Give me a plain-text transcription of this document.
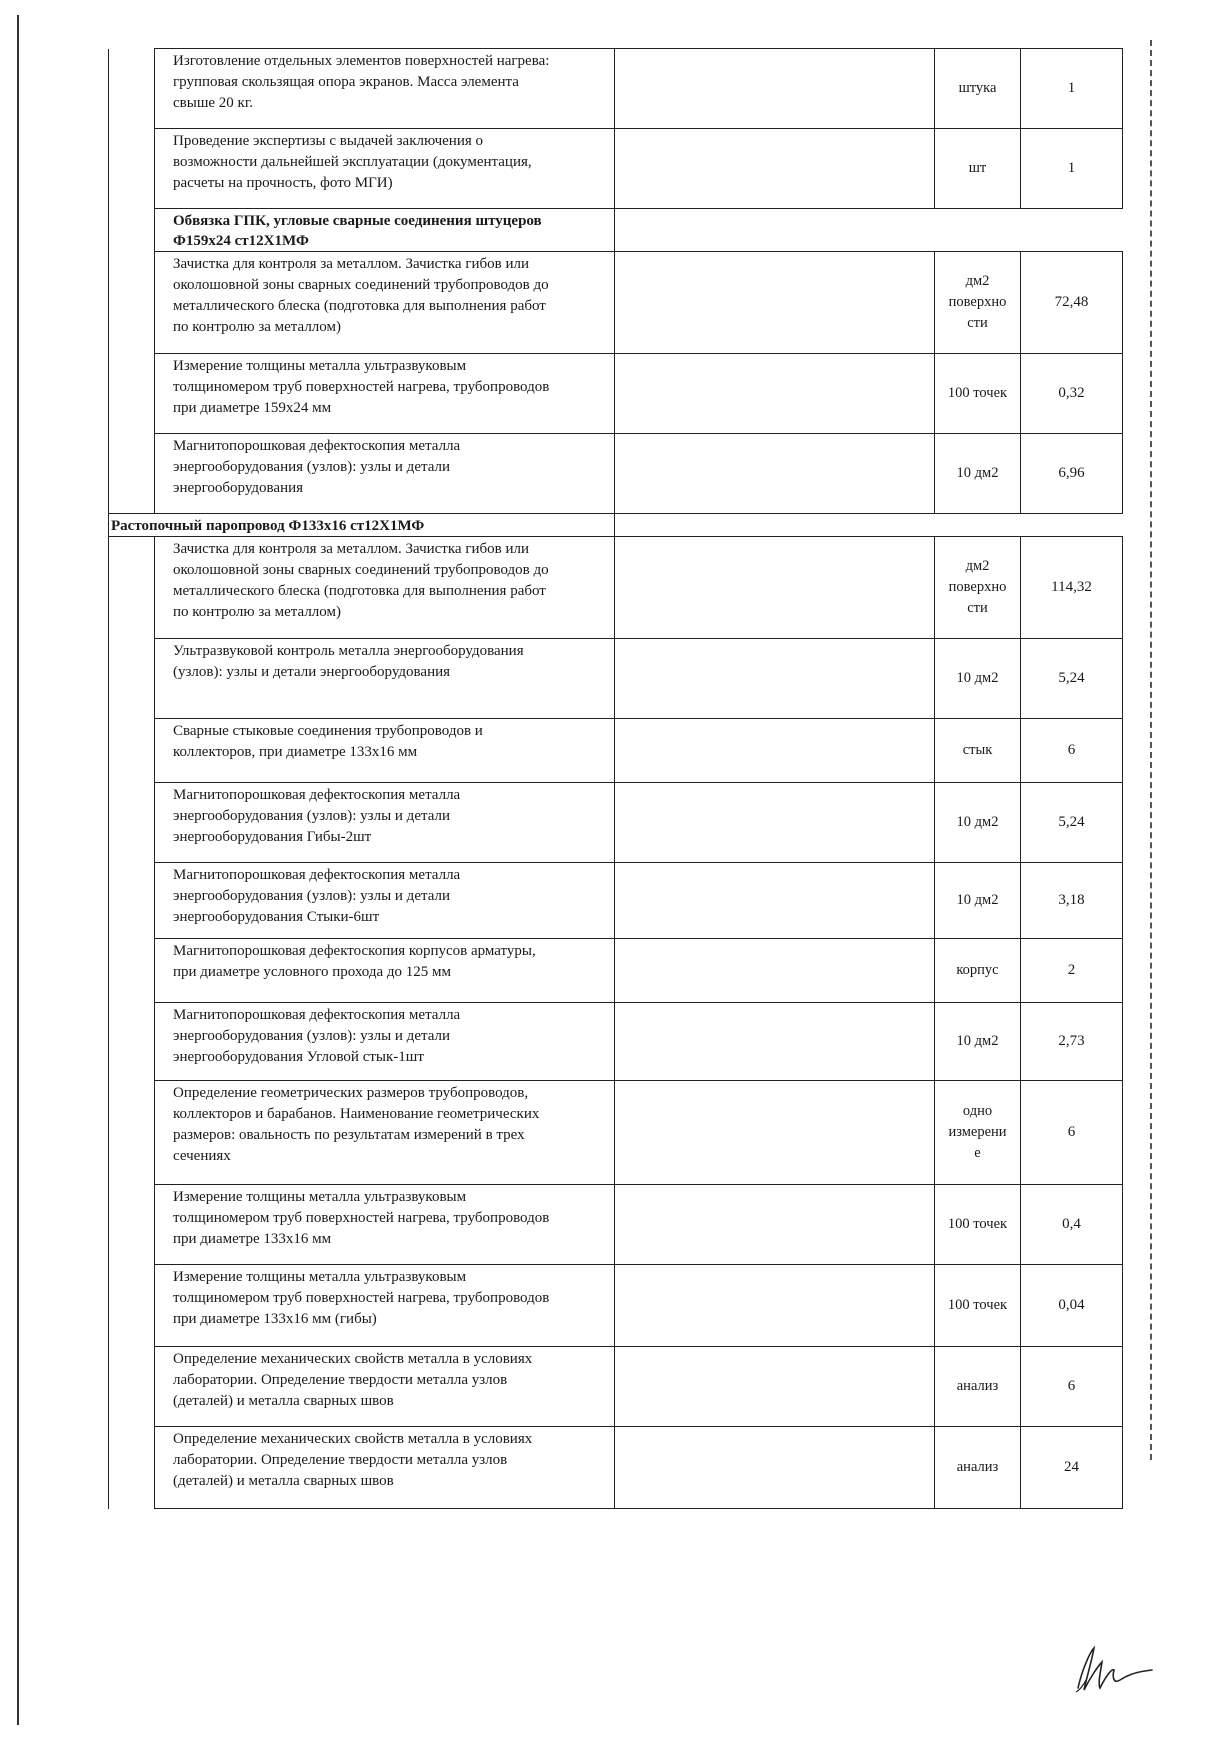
	Изготовление отдельных элементов поверхностей нагрева:
групповая скользящая опора экранов. Масса элемента
свыше 20 кг.		штука	1

	Проведение экспертизы с выдачей заключения о
возможности дальнейшей эксплуатации (документация,
расчеты на прочность, фото МГИ)		шт	1
	Обвязка ГПК, угловые сварные соединения штуцеров
Ф159х24 ст12Х1МФ			

	Зачистка для контроля за металлом. Зачистка гибов или
околошовной зоны сварных соединений трубопроводов до
металлического блеска (подготовка для выполнения работ
по контролю за металлом)		дм2
поверхно
сти	72,48

	Измерение толщины металла ультразвуковым
толщиномером труб поверхностей нагрева, трубопроводов
при диаметре 159х24 мм		100 точек	0,32

	Магнитопорошковая дефектоскопия металла
энергооборудования (узлов): узлы и детали
энергооборудования		10 дм2	6,96
Растопочный паропровод Ф133х16 ст12Х1МФ				

	Зачистка для контроля за металлом. Зачистка гибов или
околошовной зоны сварных соединений трубопроводов до
металлического блеска (подготовка для выполнения работ
по контролю за металлом)		дм2
поверхно
сти	114,32

	Ультразвуковой контроль металла энергооборудования
(узлов): узлы и детали энергооборудования		10 дм2	5,24

	Сварные стыковые соединения трубопроводов и
коллекторов, при диаметре 133х16 мм		стык	6

	Магнитопорошковая дефектоскопия металла
энергооборудования (узлов): узлы и детали
энергооборудования Гибы-2шт		10 дм2	5,24

	Магнитопорошковая дефектоскопия металла
энергооборудования (узлов): узлы и детали
энергооборудования Стыки-6шт		10 дм2	3,18

	Магнитопорошковая дефектоскопия корпусов арматуры,
при диаметре условного прохода до 125 мм		корпус	2

	Магнитопорошковая дефектоскопия металла
энергооборудования (узлов): узлы и детали
энергооборудования Угловой стык-1шт		10 дм2	2,73

	Определение геометрических размеров трубопроводов,
коллекторов и барабанов. Наименование геометрических
размеров: овальность по результатам измерений в трех
сечениях		одно
измерени
е	6

	Измерение толщины металла ультразвуковым
толщиномером труб поверхностей нагрева, трубопроводов
при диаметре 133х16 мм		100 точек	0,4

	Измерение толщины металла ультразвуковым
толщиномером труб поверхностей нагрева, трубопроводов
при диаметре 133х16 мм (гибы)		100 точек	0,04

	Определение механических свойств металла в условиях
лаборатории. Определение твердости металла узлов
(деталей) и металла сварных швов		анализ	6

	Определение механических свойств металла в условиях
лаборатории. Определение твердости металла узлов
(деталей) и металла сварных швов		анализ	24
